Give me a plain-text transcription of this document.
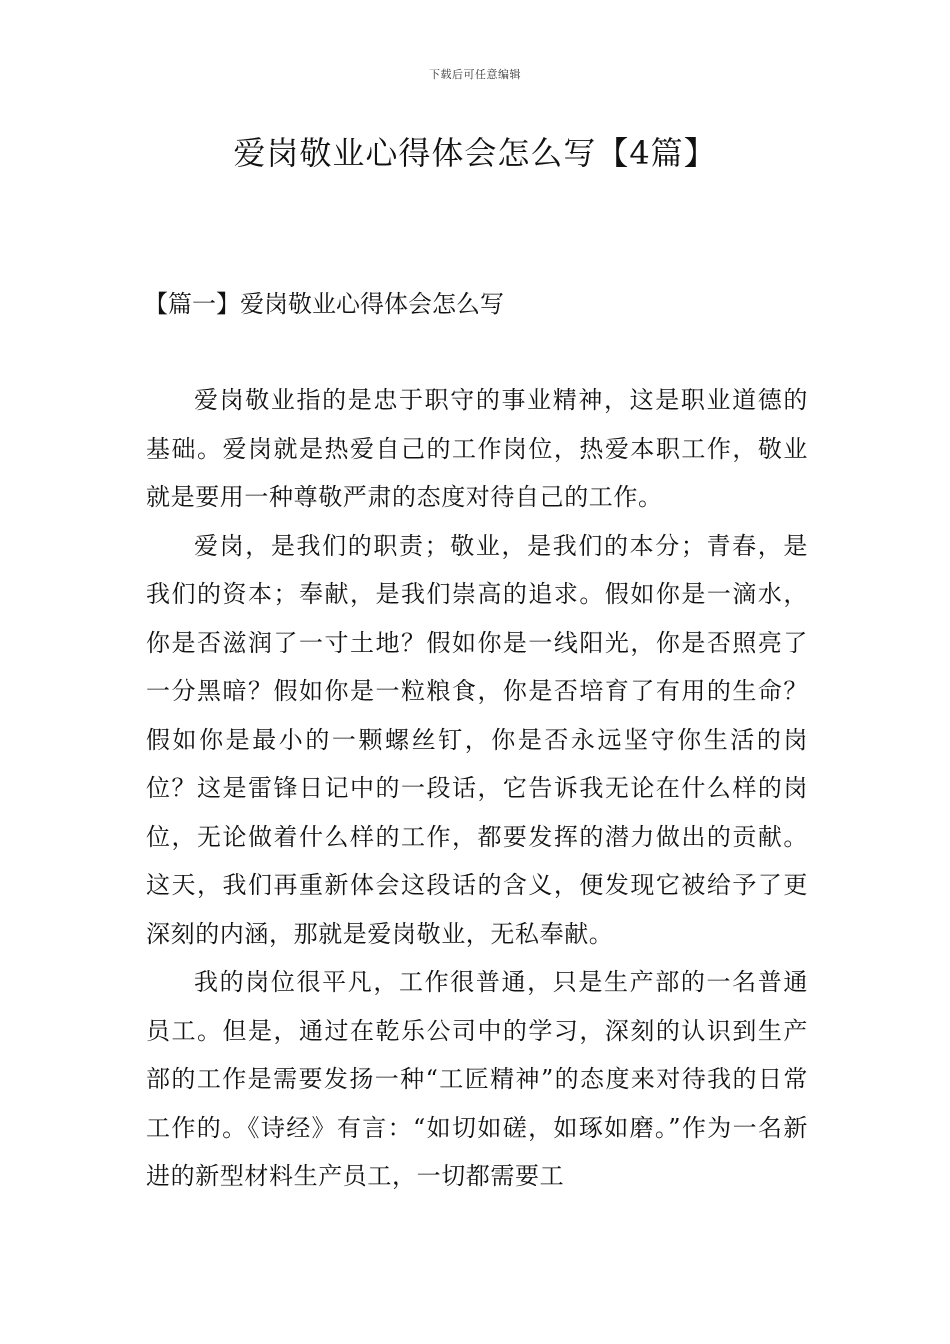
下载后可任意编辑
爱岗敬业心得体会怎么写【4篇】
【篇一】爱岗敬业心得体会怎么写

爱岗敬业指的是忠于职守的事业精神，这是职业道德的基础。爱岗就是热爱自己的工作岗位，热爱本职工作，敬业就是要用一种尊敬严肃的态度对待自己的工作。

爱岗，是我们的职责；敬业，是我们的本分；青春，是我们的资本；奉献，是我们崇高的追求。假如你是一滴水，你是否滋润了一寸土地？假如你是一线阳光，你是否照亮了一分黑暗？假如你是一粒粮食，你是否培育了有用的生命？假如你是最小的一颗螺丝钉，你是否永远坚守你生活的岗位？这是雷锋日记中的一段话，它告诉我无论在什么样的岗位，无论做着什么样的工作，都要发挥的潜力做出的贡献。这天，我们再重新体会这段话的含义，便发现它被给予了更深刻的内涵，那就是爱岗敬业，无私奉献。

我的岗位很平凡，工作很普通，只是生产部的一名普通员工。但是，通过在乾乐公司中的学习，深刻的认识到生产部的工作是需要发扬一种“工匠精神”的态度来对待我的日常工作的。《诗经》有言：“如切如磋，如琢如磨。”作为一名新进的新型材料生产员工，一切都需要工
